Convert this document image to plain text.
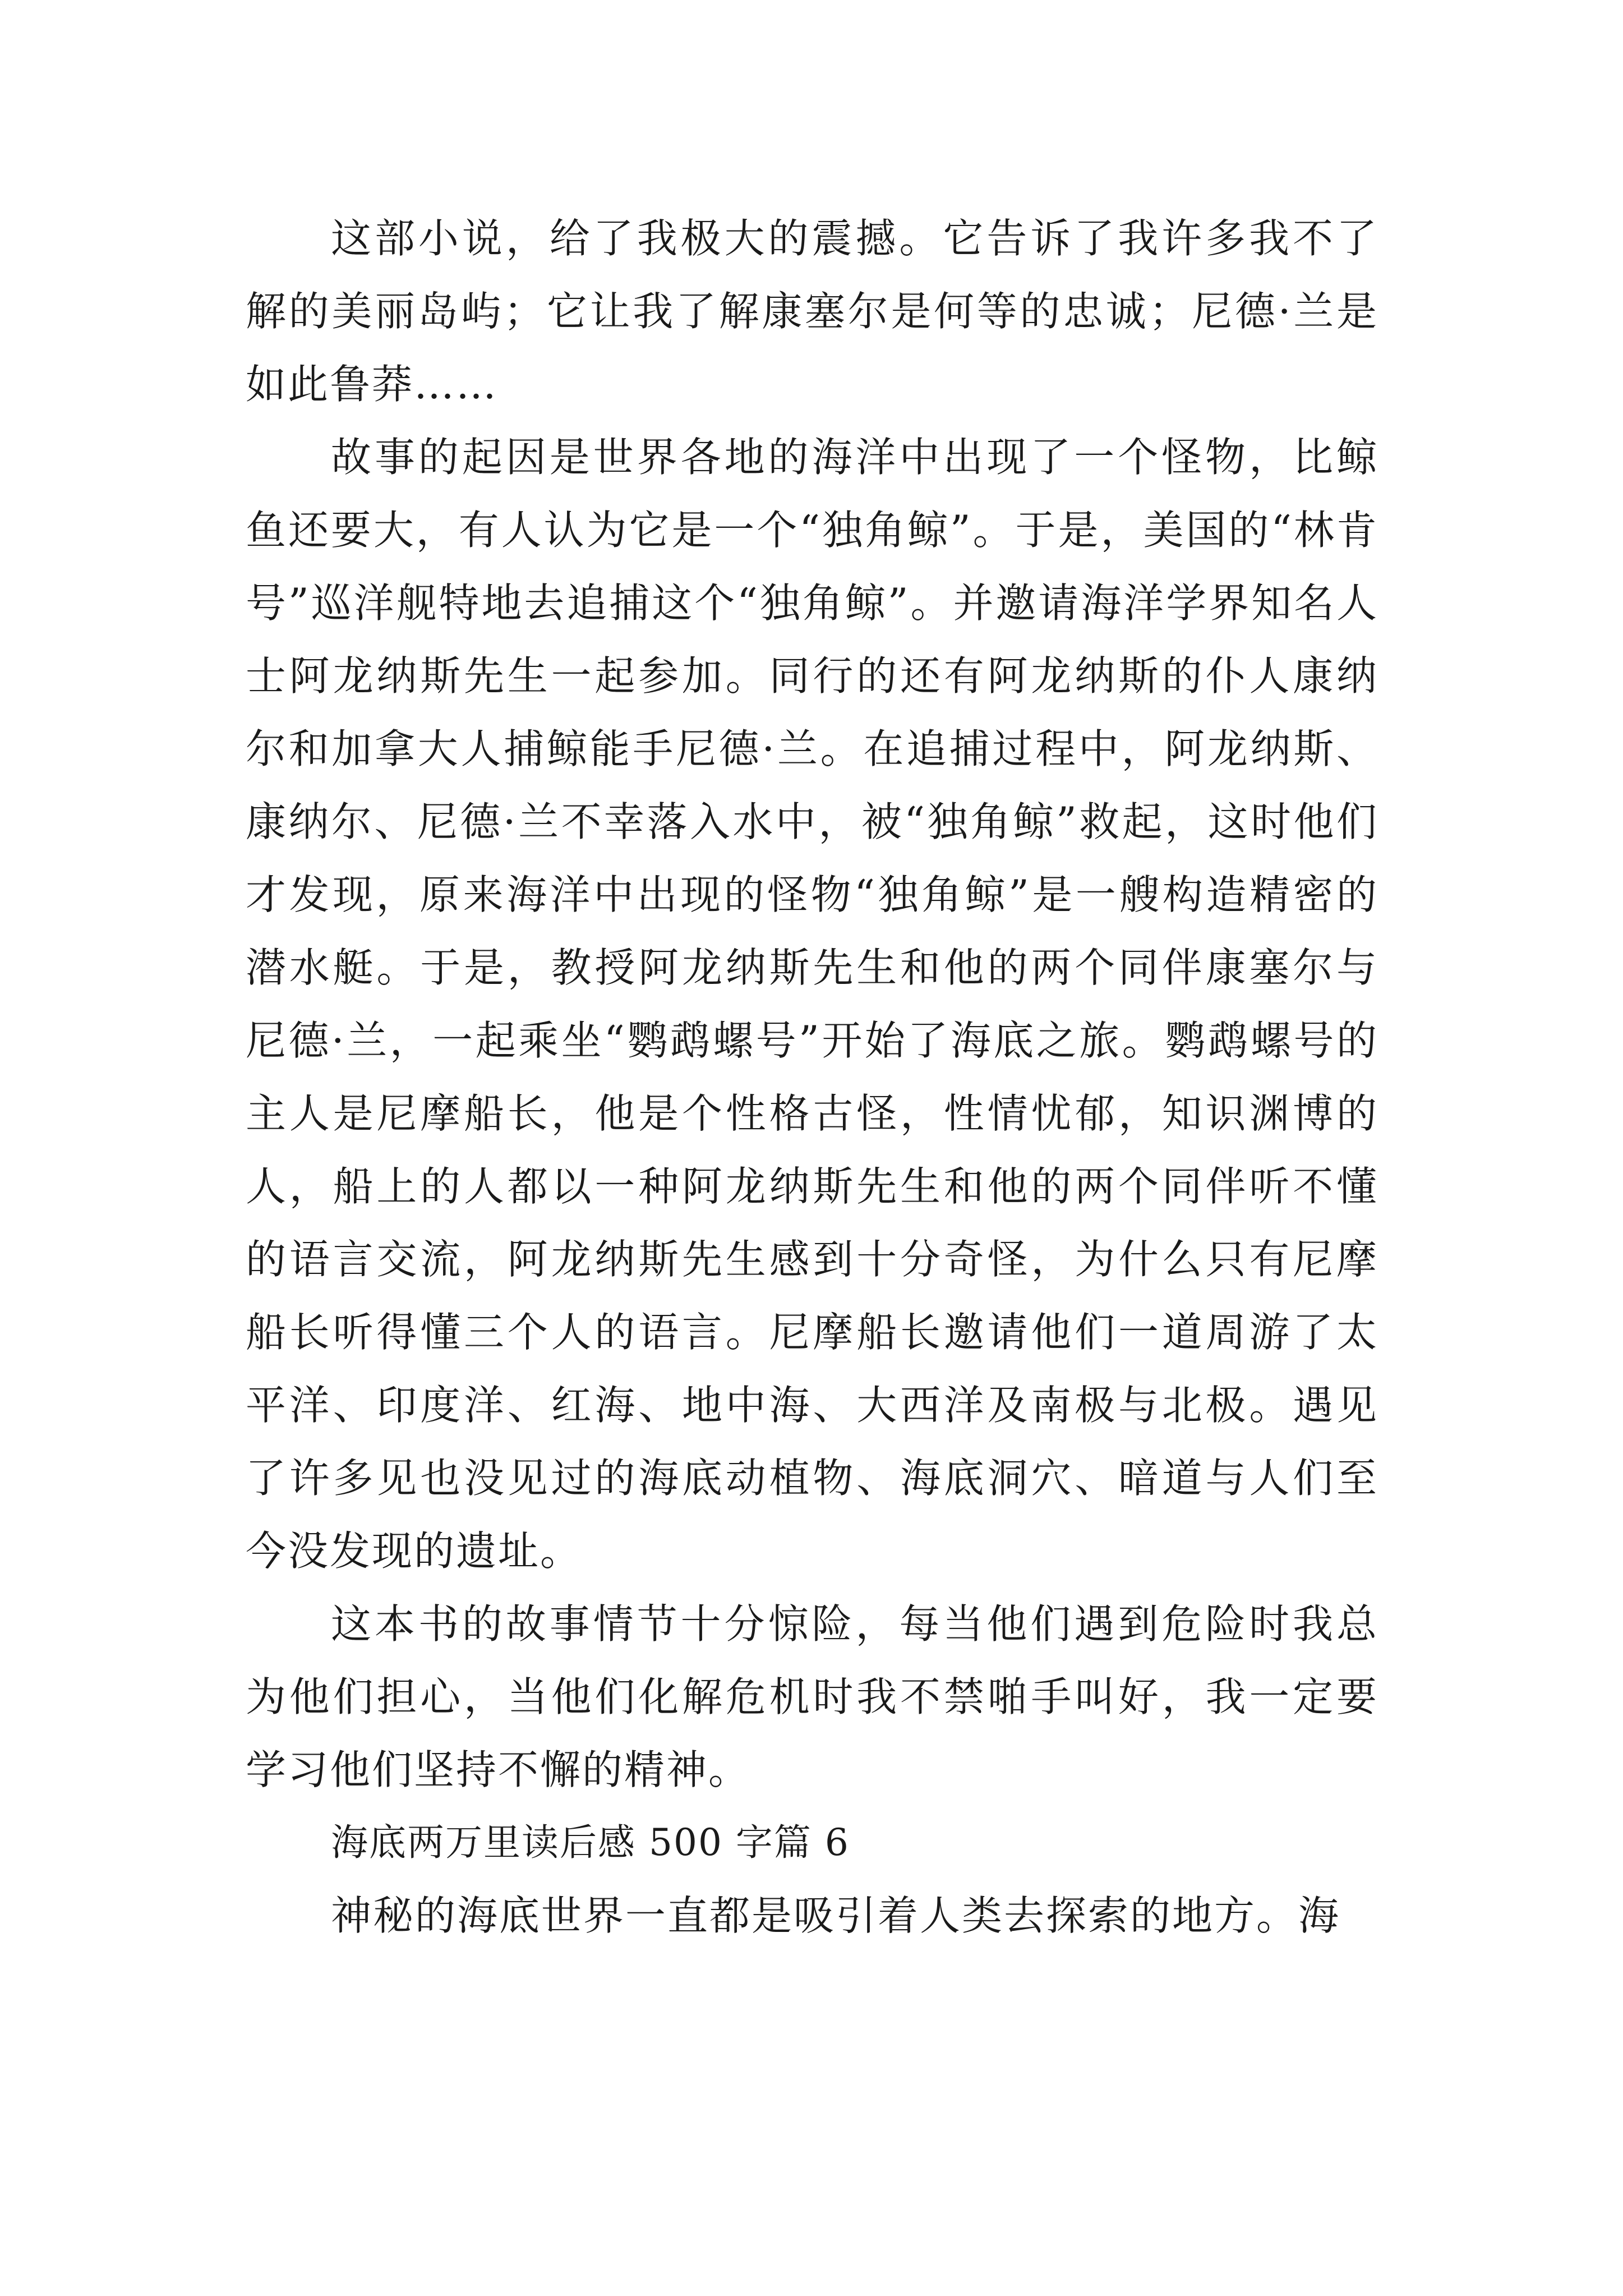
这部小说，给了我极大的震撼。它告诉了我许多我不了解的美丽岛屿；它让我了解康塞尔是何等的忠诚；尼德·兰是如此鲁莽……

故事的起因是世界各地的海洋中出现了一个怪物，比鲸鱼还要大，有人认为它是一个“独角鲸”。于是，美国的“林肯号”巡洋舰特地去追捕这个“独角鲸”。并邀请海洋学界知名人士阿龙纳斯先生一起参加。同行的还有阿龙纳斯的仆人康纳尔和加拿大人捕鲸能手尼德·兰。在追捕过程中，阿龙纳斯、康纳尔、尼德·兰不幸落入水中，被“独角鲸”救起，这时他们才发现，原来海洋中出现的怪物“独角鲸”是一艘构造精密的潜水艇。于是，教授阿龙纳斯先生和他的两个同伴康塞尔与尼德·兰，一起乘坐“鹦鹉螺号”开始了海底之旅。鹦鹉螺号的主人是尼摩船长，他是个性格古怪，性情忧郁，知识渊博的人，船上的人都以一种阿龙纳斯先生和他的两个同伴听不懂的语言交流，阿龙纳斯先生感到十分奇怪，为什么只有尼摩船长听得懂三个人的语言。尼摩船长邀请他们一道周游了太平洋、印度洋、红海、地中海、大西洋及南极与北极。遇见了许多见也没见过的海底动植物、海底洞穴、暗道与人们至今没发现的遗址。

这本书的故事情节十分惊险，每当他们遇到危险时我总为他们担心，当他们化解危机时我不禁啪手叫好，我一定要学习他们坚持不懈的精神。

海底两万里读后感 500 字篇 6

神秘的海底世界一直都是吸引着人类去探索的地方。海
